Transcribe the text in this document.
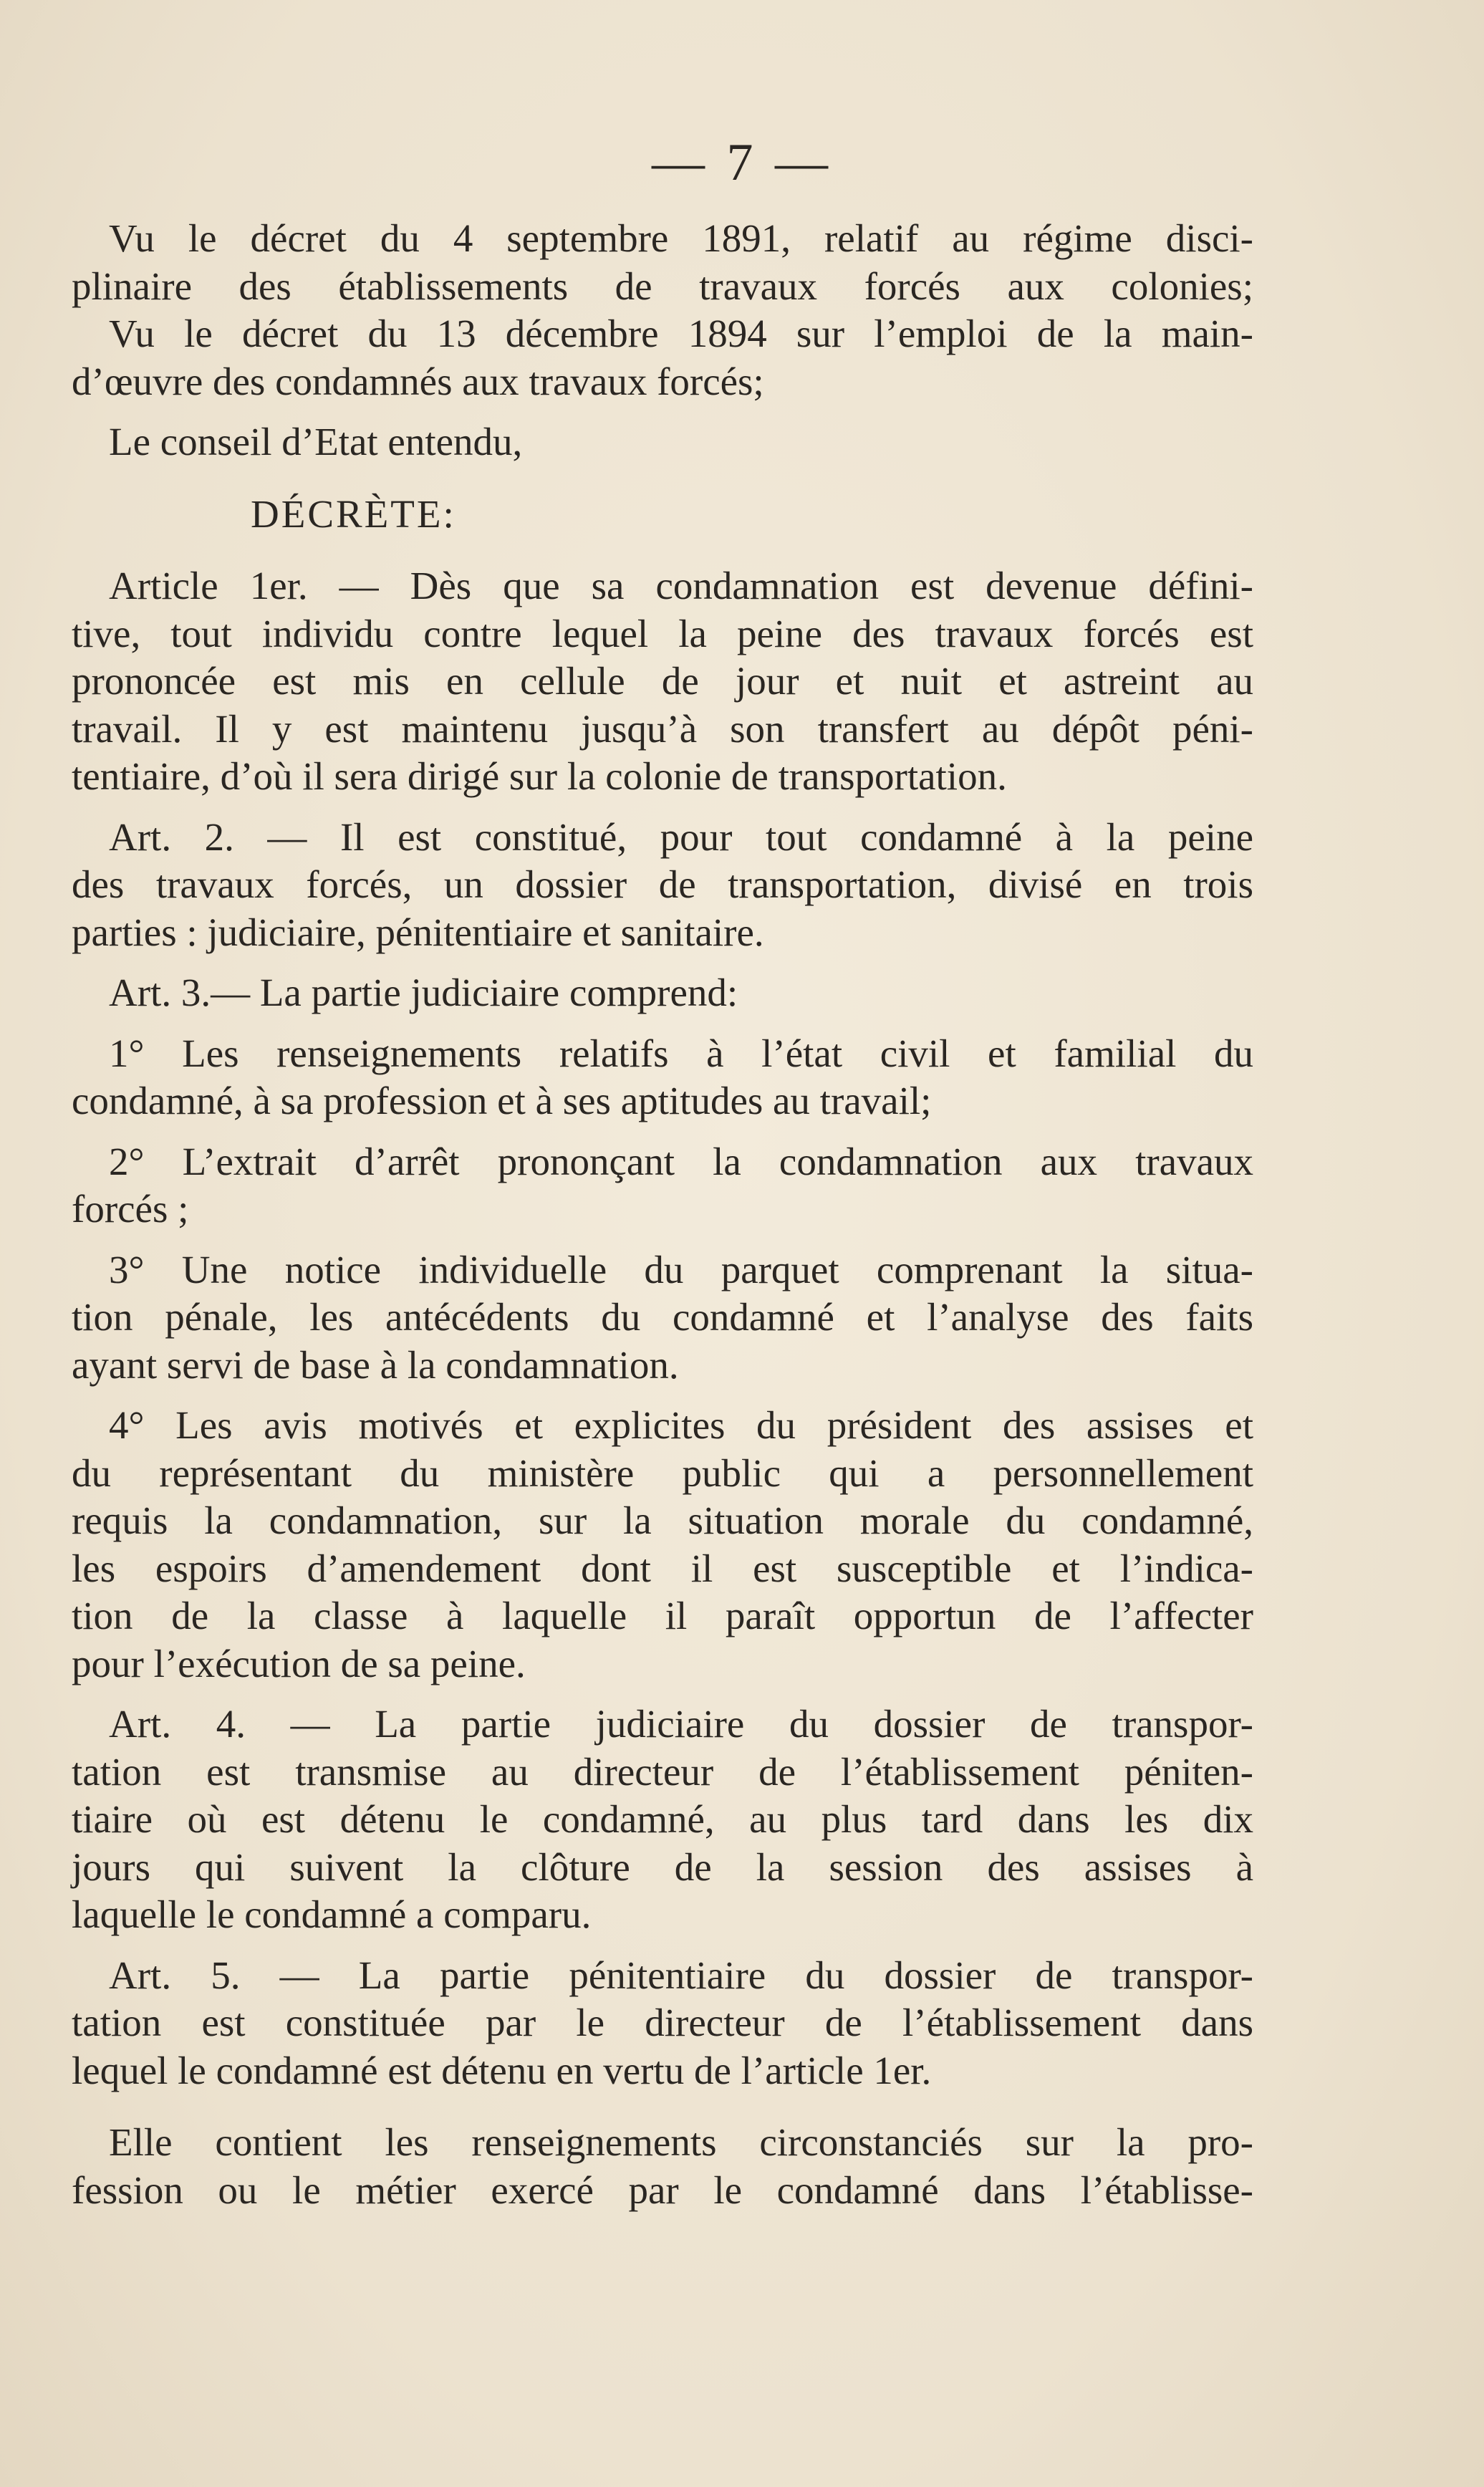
— 7 —
Vu le décret du 4 septembre 1891, relatif au régime disci-
plinaire des établissements de travaux forcés aux colonies;
Vu le décret du 13 décembre 1894 sur l’emploi de la main-
d’œuvre des condamnés aux travaux forcés;
Le conseil d’Etat entendu,
DÉCRÈTE:
Article 1er. — Dès que sa condamnation est devenue défini-
tive, tout individu contre lequel la peine des travaux forcés est
prononcée est mis en cellule de jour et nuit et astreint au
travail. Il y est maintenu jusqu’à son transfert au dépôt péni-
tentiaire, d’où il sera dirigé sur la colonie de transportation.
Art. 2. — Il est constitué, pour tout condamné à la peine
des travaux forcés, un dossier de transportation, divisé en trois
parties : judiciaire, pénitentiaire et sanitaire.
Art. 3.— La partie judiciaire comprend:
1° Les renseignements relatifs à l’état civil et familial du
condamné, à sa profession et à ses aptitudes au travail;
2° L’extrait d’arrêt prononçant la condamnation aux travaux
forcés ;
3° Une notice individuelle du parquet comprenant la situa-
tion pénale, les antécédents du condamné et l’analyse des faits
ayant servi de base à la condamnation.
4° Les avis motivés et explicites du président des assises et
du représentant du ministère public qui a personnellement
requis la condamnation, sur la situation morale du condamné,
les espoirs d’amendement dont il est susceptible et l’indica-
tion de la classe à laquelle il paraît opportun de l’affecter
pour l’exécution de sa peine.
Art. 4. — La partie judiciaire du dossier de transpor-
tation est transmise au directeur de l’établissement péniten-
tiaire où est détenu le condamné, au plus tard dans les dix
jours qui suivent la clôture de la session des assises à
laquelle le condamné a comparu.
Art. 5. — La partie pénitentiaire du dossier de transpor-
tation est constituée par le directeur de l’établissement dans
lequel le condamné est détenu en vertu de l’article 1er.
Elle contient les renseignements circonstanciés sur la pro-
fession ou le métier exercé par le condamné dans l’établisse-
